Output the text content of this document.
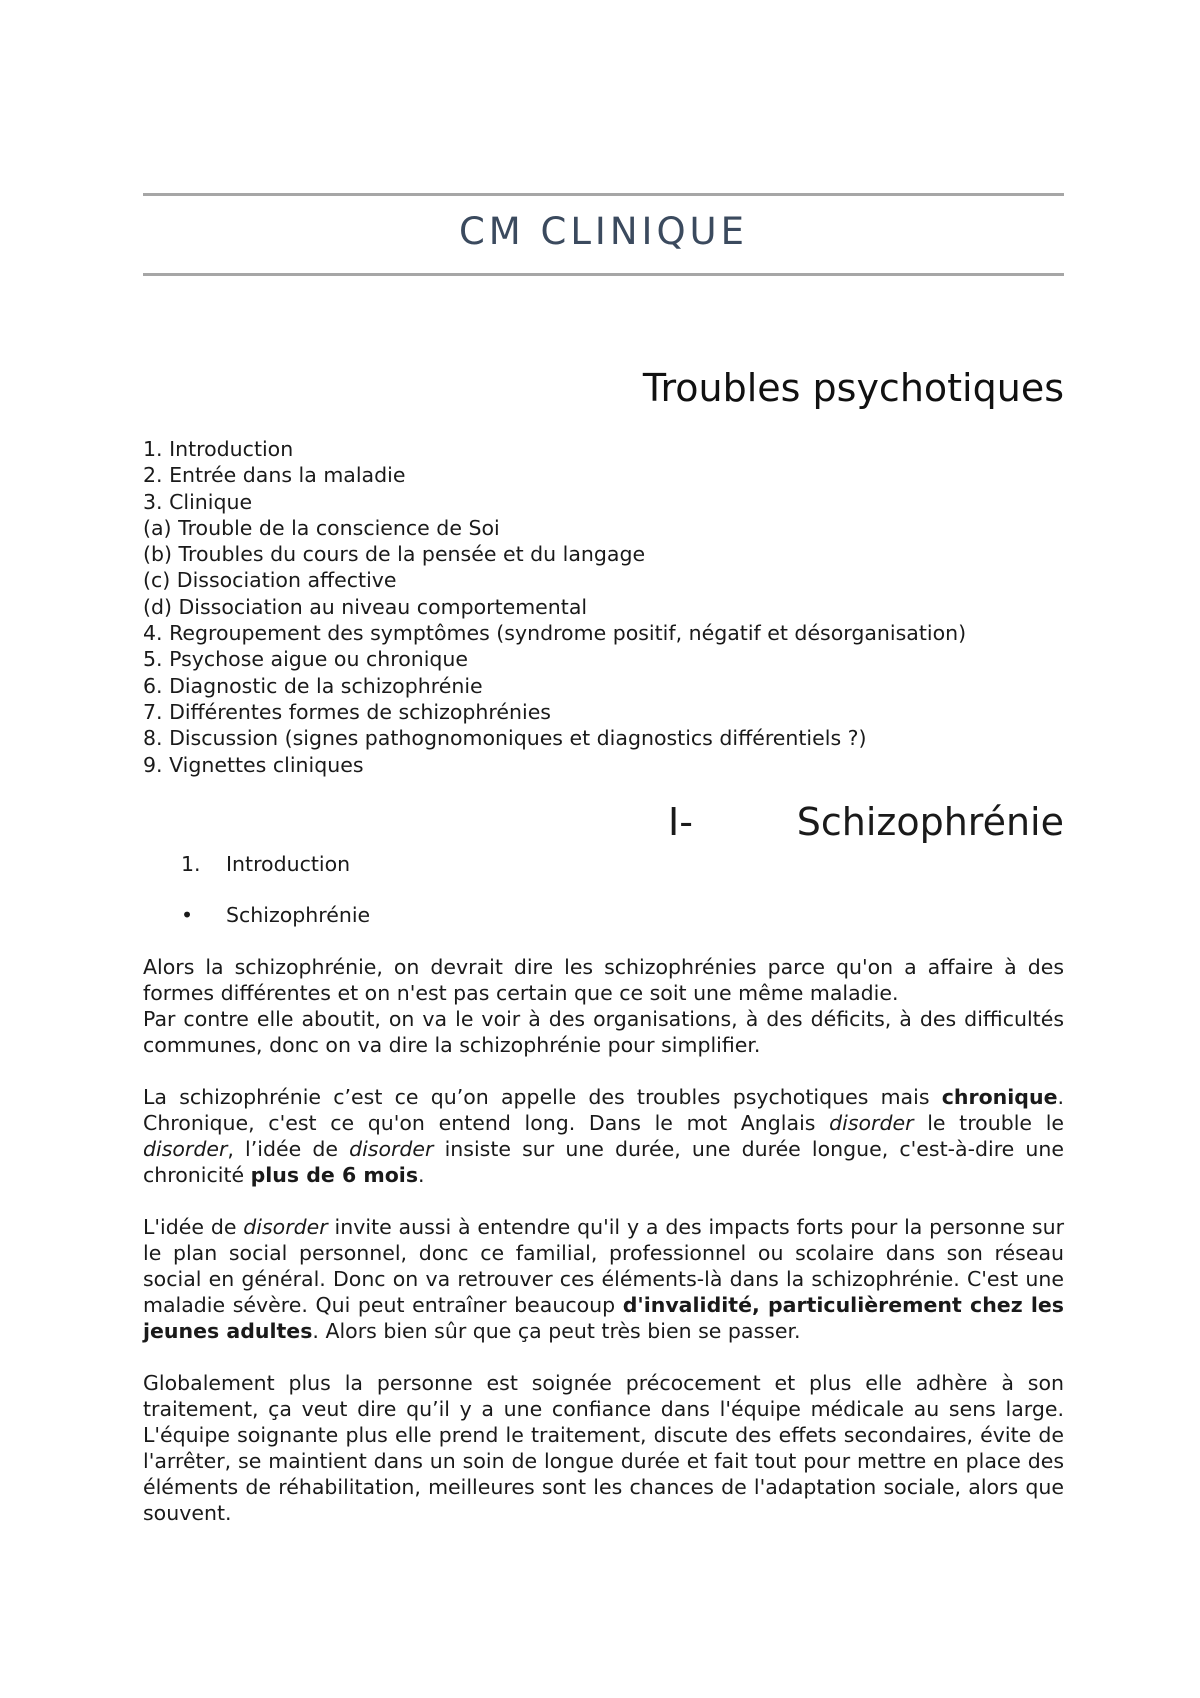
CM CLINIQUE
Troubles psychotiques
1. Introduction
2. Entrée dans la maladie
3. Clinique
(a) Trouble de la conscience de Soi
(b) Troubles du cours de la pensée et du langage
(c) Dissociation affective
(d) Dissociation au niveau comportemental
4. Regroupement des symptômes (syndrome positif, négatif et désorganisation)
5. Psychose aigue ou chronique
6. Diagnostic de la schizophrénie
7. Différentes formes de schizophrénies
8. Discussion (signes pathognomoniques et diagnostics différentiels ?)
9. Vignettes cliniques
I-	Schizophrénie
1. Introduction
• Schizophrénie

Alors la schizophrénie, on devrait dire les schizophrénies parce qu'on a affaire à des formes différentes et on n'est pas certain que ce soit une même maladie.

Par contre elle aboutit, on va le voir à des organisations, à des déficits, à des difficultés communes, donc on va dire la schizophrénie pour simplifier.

La schizophrénie c’est ce qu’on appelle des troubles psychotiques mais chronique. Chronique, c'est ce qu'on entend long. Dans le mot Anglais disorder le trouble le disorder, l’idée de disorder insiste sur une durée, une durée longue, c'est-à-dire une chronicité plus de 6 mois.

L'idée de disorder invite aussi à entendre qu'il y a des impacts forts pour la personne sur le plan social personnel, donc ce familial, professionnel ou scolaire dans son réseau social en général. Donc on va retrouver ces éléments-là dans la schizophrénie. C'est une maladie sévère. Qui peut entraîner beaucoup d'invalidité, particulièrement chez les jeunes adultes. Alors bien sûr que ça peut très bien se passer.

Globalement plus la personne est soignée précocement et plus elle adhère à son traitement, ça veut dire qu’il y a une confiance dans l'équipe médicale au sens large. L'équipe soignante plus elle prend le traitement, discute des effets secondaires, évite de l'arrêter, se maintient dans un soin de longue durée et fait tout pour mettre en place des éléments de réhabilitation, meilleures sont les chances de l'adaptation sociale, alors que souvent.
